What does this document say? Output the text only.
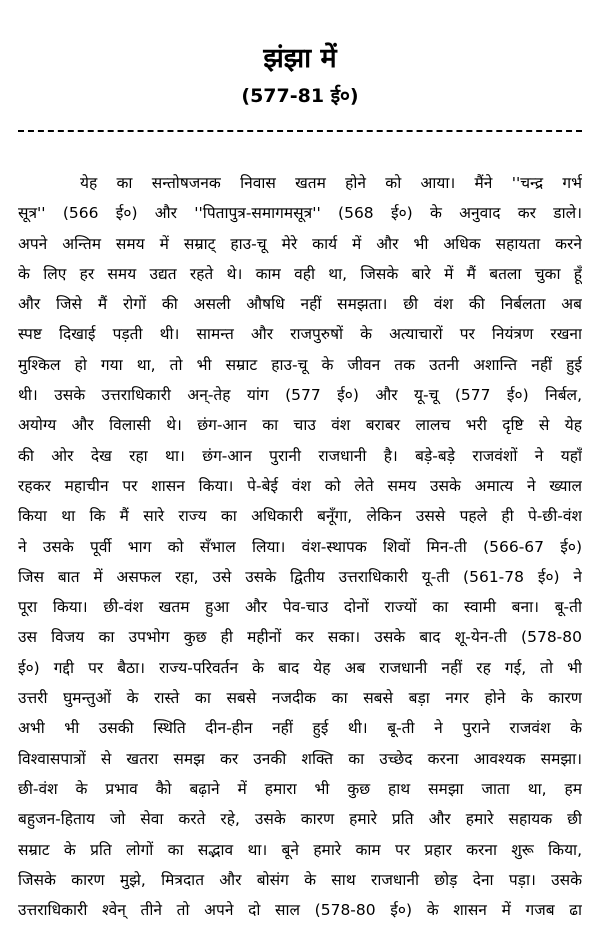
झंझा में
(577-81 ई०)
येह का सन्तोषजनक निवास खतम होने को आया। मैंने ''चन्द्र गर्भ
सूत्र'' (566 ई०) और ''पितापुत्र-समागमसूत्र'' (568 ई०) के अनुवाद कर डाले।
अपने अन्तिम समय में सम्राट् हाउ-चू मेरे कार्य में और भी अधिक सहायता करने
के लिए हर समय उद्यत रहते थे। काम वही था, जिसके बारे में मैं बतला चुका हूँ
और जिसे मैं रोगों की असली औषधि नहीं समझता। छी वंश की निर्बलता अब
स्पष्ट दिखाई पड़ती थी। सामन्त और राजपुरुषों के अत्याचारों पर नियंत्रण रखना
मुश्किल हो गया था, तो भी सम्राट हाउ-चू के जीवन तक उतनी अशान्ति नहीं हुई
थी। उसके उत्तराधिकारी अन्-तेह यांग (577 ई०) और यू-चू (577 ई०) निर्बल,
अयोग्य और विलासी थे। छंग-आन का चाउ वंश बराबर लालच भरी दृष्टि से येह
की ओर देख रहा था। छंग-आन पुरानी राजधानी है। बड़े-बड़े राजवंशों ने यहाँ
रहकर महाचीन पर शासन किया। पे-बेई वंश को लेते समय उसके अमात्य ने ख्याल
किया था कि मैं सारे राज्य का अधिकारी बनूँगा, लेकिन उससे पहले ही पे-छी-वंश
ने उसके पूर्वी भाग को सँभाल लिया। वंश-स्थापक शिवों मिन-ती (566-67 ई०)
जिस बात में असफल रहा, उसे उसके द्वितीय उत्तराधिकारी यू-ती (561-78 ई०) ने
पूरा किया। छी-वंश खतम हुआ और पेव-चाउ दोनों राज्यों का स्वामी बना। बू-ती
उस विजय का उपभोग कुछ ही महीनों कर सका। उसके बाद शू-येन-ती (578-80
ई०) गद्दी पर बैठा। राज्य-परिवर्तन के बाद येह अब राजधानी नहीं रह गई, तो भी
उत्तरी घुमन्तुओं के रास्ते का सबसे नजदीक का सबसे बड़ा नगर होने के कारण
अभी भी उसकी स्थिति दीन-हीन नहीं हुई थी। बू-ती ने पुराने राजवंश के
विश्वासपात्रों से खतरा समझ कर उनकी शक्ति का उच्छेद करना आवश्यक समझा।
छी-वंश के प्रभाव कैो बढ़ाने में हमारा भी कुछ हाथ समझा जाता था, हम
बहुजन-हिताय जो सेवा करते रहे, उसके कारण हमारे प्रति और हमारे सहायक छी
सम्राट के प्रति लोगों का सद्भाव था। बूने हमारे काम पर प्रहार करना शुरू किया,
जिसके कारण मुझे, मित्रदात और बोसंग के साथ राजधानी छोड़ देना पड़ा। उसके
उत्तराधिकारी श्वेन् तीने तो अपने दो साल (578-80 ई०) के शासन में गजब ढा
